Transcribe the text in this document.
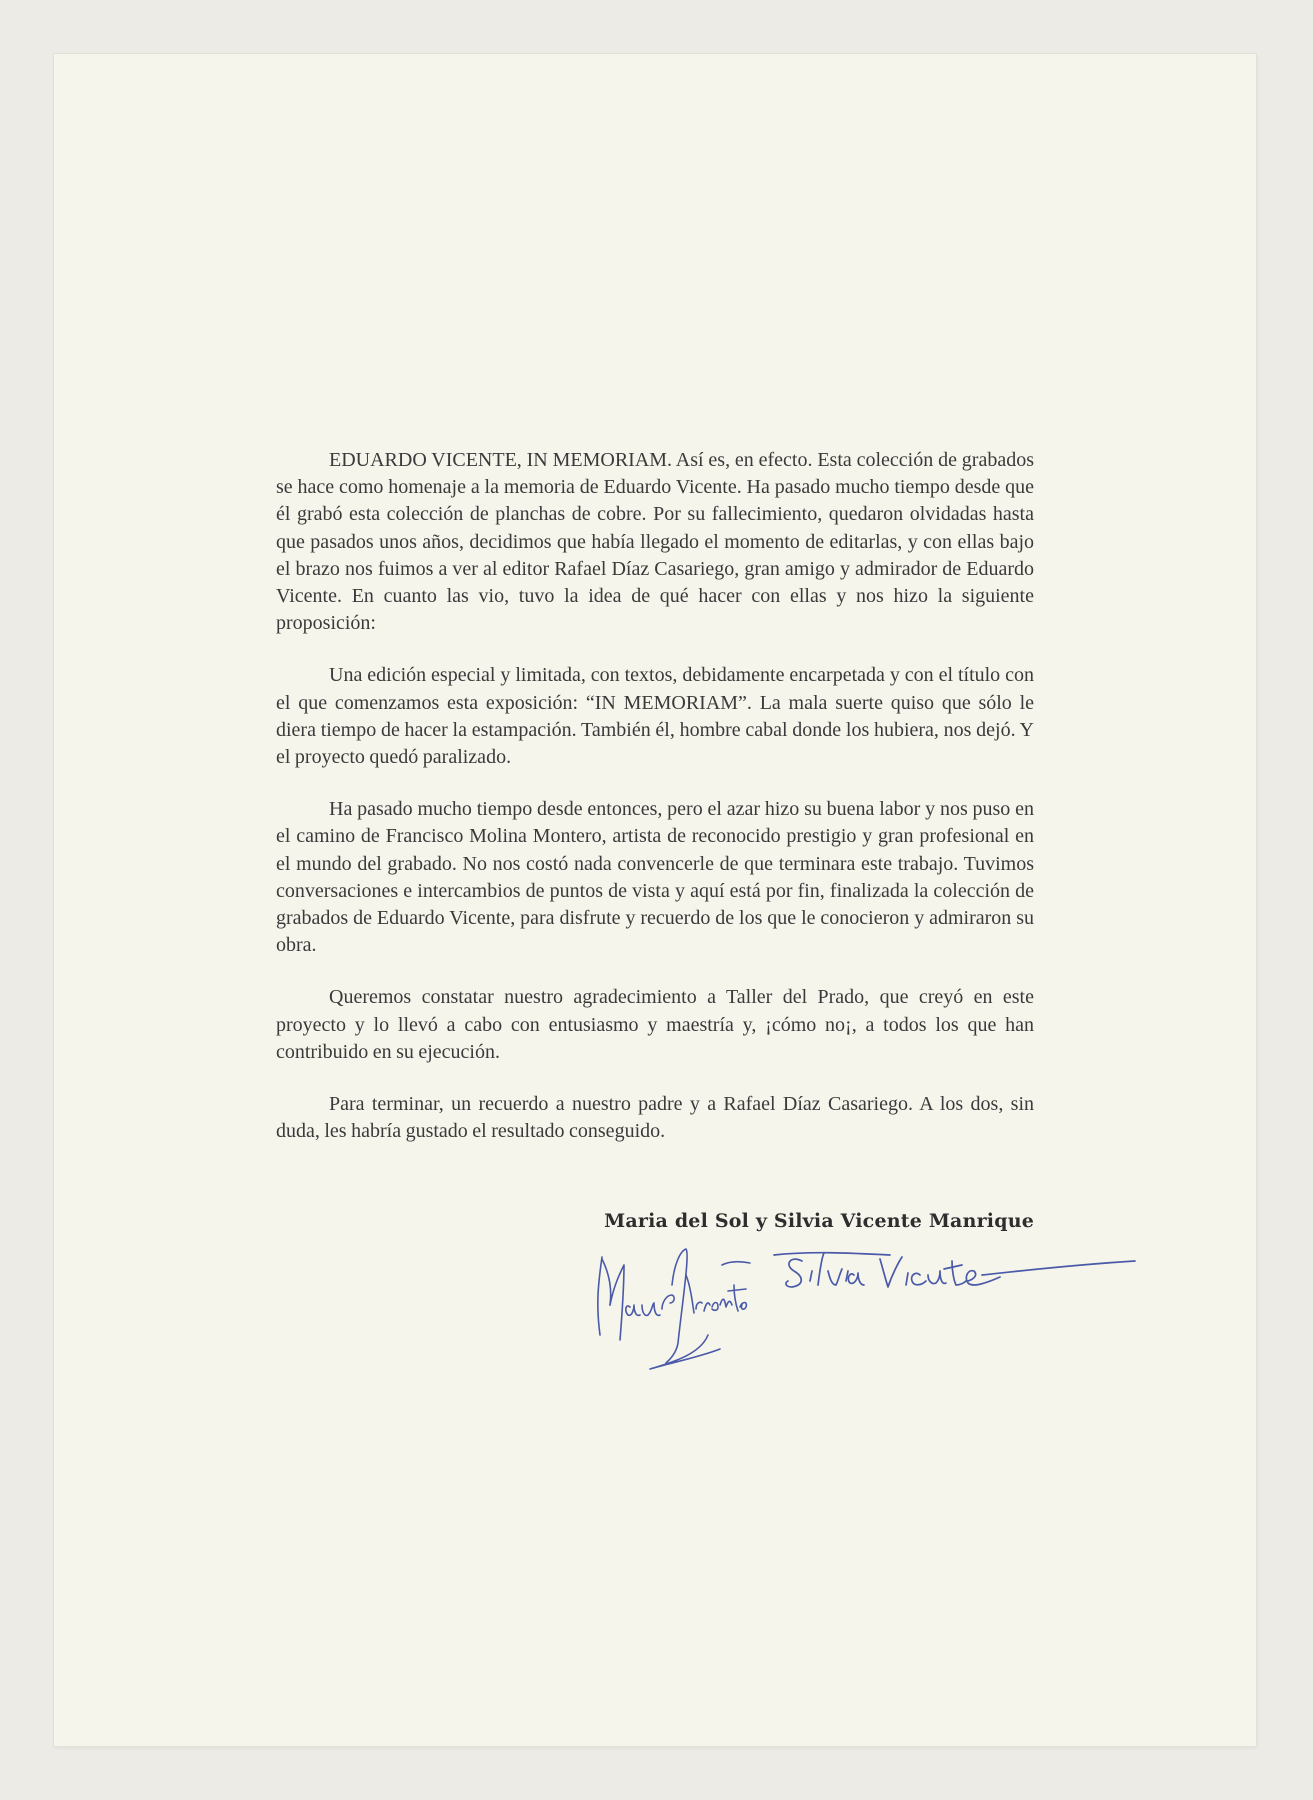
EDUARDO VICENTE, IN MEMORIAM. Así es, en efecto. Esta colección de grabados se hace como homenaje a la memoria de Eduardo Vicente. Ha pasado mucho tiempo desde que él grabó esta colección de planchas de cobre. Por su fallecimiento, quedaron olvidadas hasta que pasados unos años, decidimos que había llegado el momento de editarlas, y con ellas bajo el brazo nos fuimos a ver al editor Rafael Díaz Casariego, gran amigo y admirador de Eduardo Vicente. En cuanto las vio, tuvo la idea de qué hacer con ellas y nos hizo la siguiente proposición:

Una edición especial y limitada, con textos, debidamente encarpetada y con el título con el que comenzamos esta exposición: “IN MEMORIAM”. La mala suerte quiso que sólo le diera tiempo de hacer la estampación. También él, hombre cabal donde los hubiera, nos dejó. Y el proyecto quedó paralizado.

Ha pasado mucho tiempo desde entonces, pero el azar hizo su buena labor y nos puso en el camino de Francisco Molina Montero, artista de reconocido prestigio y gran profesional en el mundo del grabado. No nos costó nada convencerle de que terminara este trabajo. Tuvimos conversaciones e intercambios de puntos de vista y aquí está por fin, finalizada la colección de grabados de Eduardo Vicente, para disfrute y recuerdo de los que le conocieron y admiraron su obra.

Queremos constatar nuestro agradecimiento a Taller del Prado, que creyó en este proyecto y lo llevó a cabo con entusiasmo y maestría y, ¡cómo no¡, a todos los que han contribuido en su ejecución.

Para terminar, un recuerdo a nuestro padre y a Rafael Díaz Casariego. A los dos, sin duda, les habría gustado el resultado conseguido.

Maria del Sol y Silvia Vicente Manrique
